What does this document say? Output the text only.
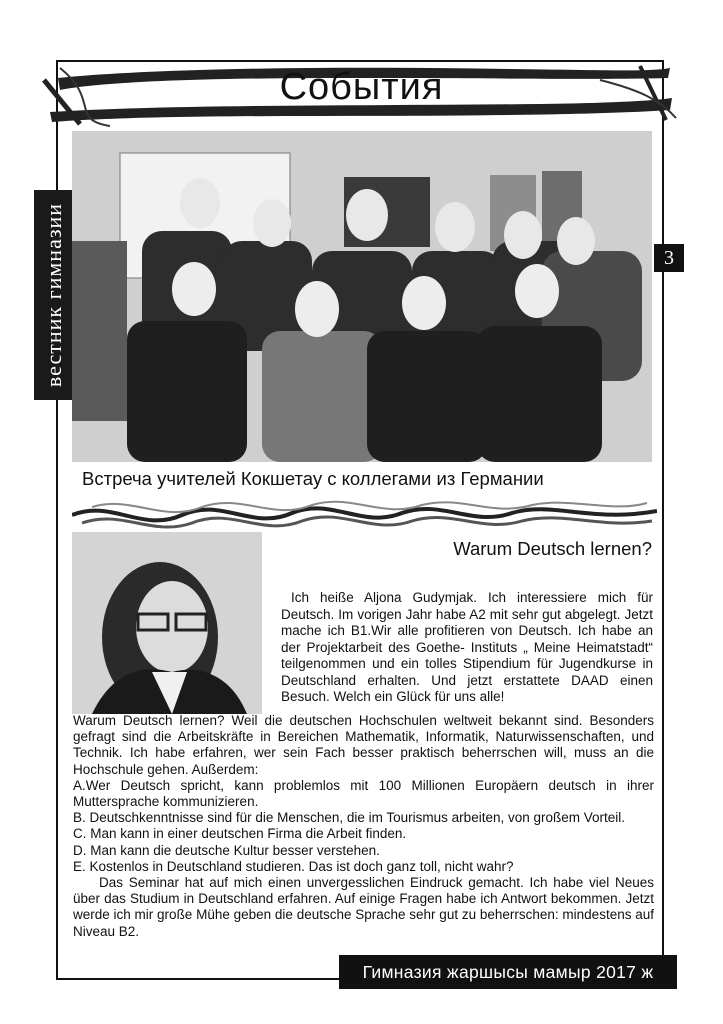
События
вестник гимназии	3
Встреча учителей Кокшетау с коллегами из Германии
Warum Deutsch lernen?

Ich heiße Aljona Gudymjak. Ich interessiere mich für Deutsch. Im vorigen Jahr habe A2 mit sehr gut abgelegt. Jetzt mache ich B1.Wir alle profitieren von Deutsch. Ich habe an der Projektarbeit des Goethe- Instituts „ Meine Heimatstadt“ teilgenommen und ein tolles Stipendium für Jugendkurse in Deutschland erhalten. Und jetzt erstattete DAAD einen Besuch. Welch ein Glück für uns alle!

Warum Deutsch lernen? Weil die deutschen Hochschulen weltweit bekannt sind. Besonders gefragt sind die Arbeitskräfte in Bereichen Mathematik, Informatik, Naturwissenschaften, und Technik. Ich habe erfahren, wer sein Fach besser praktisch beherrschen will, muss an die Hochschule gehen. Außerdem:

A.Wer Deutsch spricht, kann problemlos mit 100 Millionen Europäern deutsch in ihrer Muttersprache kommunizieren.

B. Deutschkenntnisse sind für die Menschen, die im Tourismus arbeiten, von großem Vorteil.

C. Man kann in einer deutschen Firma die Arbeit finden.

D. Man kann die deutsche Kultur besser verstehen.

E. Kostenlos in Deutschland studieren. Das ist doch ganz toll, nicht wahr?

Das Seminar hat auf mich einen unvergesslichen Eindruck gemacht. Ich habe viel Neues über das Studium in Deutschland erfahren. Auf einige Fragen habe ich Antwort bekommen. Jetzt werde ich mir große Mühe geben die deutsche Sprache sehr gut zu beherrschen: mindestens auf Niveau B2.

Гимназия жаршысы мамыр 2017 ж
